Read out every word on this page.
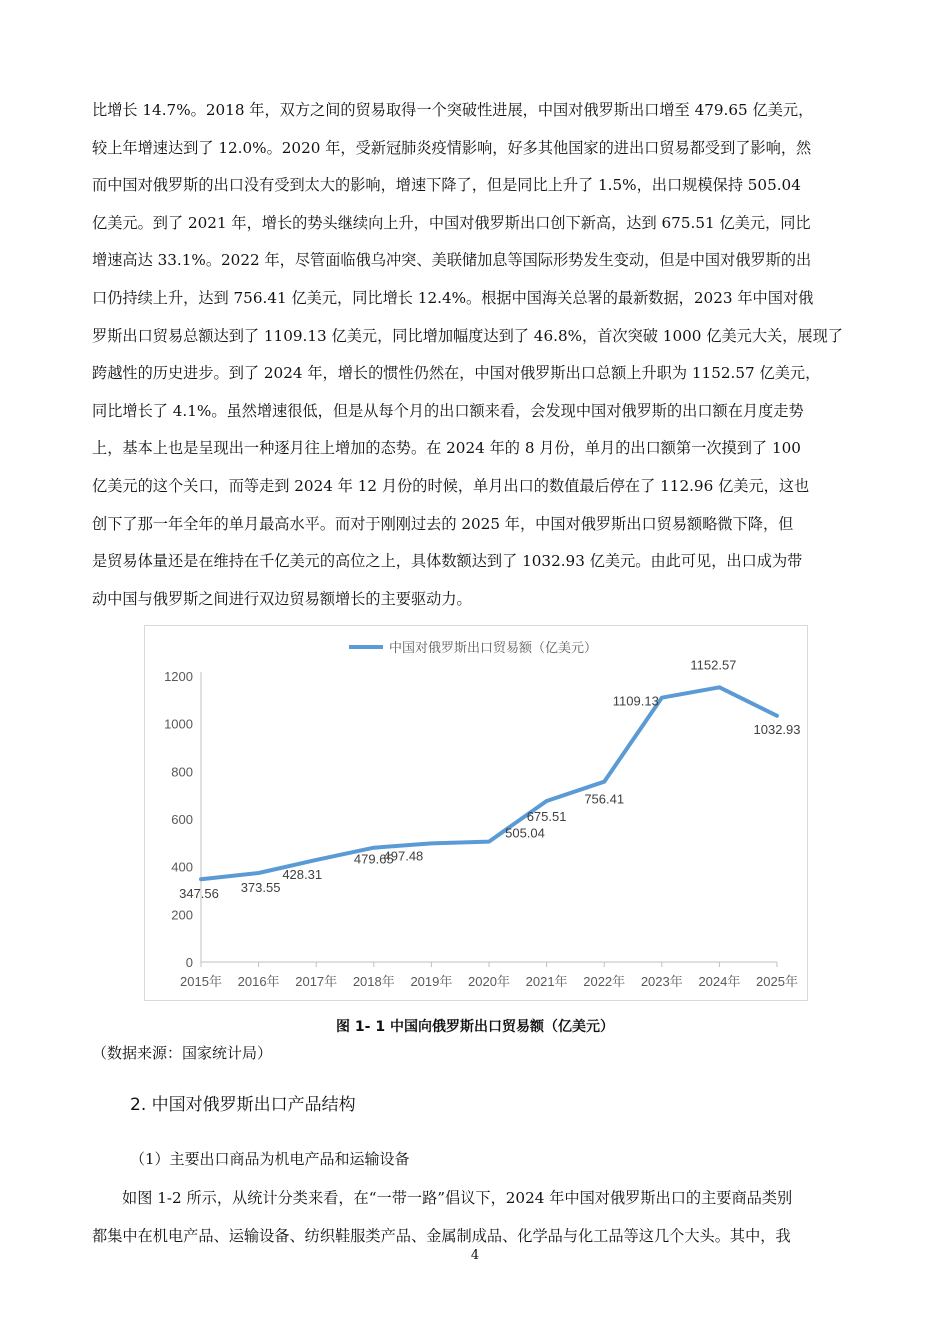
比增长 14.7%。2018 年，双方之间的贸易取得一个突破性进展，中国对俄罗斯出口增至 479.65 亿美元，
较上年增速达到了 12.0%。2020 年，受新冠肺炎疫情影响，好多其他国家的进出口贸易都受到了影响，然
而中国对俄罗斯的出口没有受到太大的影响，增速下降了，但是同比上升了 1.5%，出口规模保持 505.04
亿美元。到了 2021 年，增长的势头继续向上升，中国对俄罗斯出口创下新高，达到 675.51 亿美元，同比
增速高达 33.1%。2022 年，尽管面临俄乌冲突、美联储加息等国际形势发生变动，但是中国对俄罗斯的出
口仍持续上升，达到 756.41 亿美元，同比增长 12.4%。根据中国海关总署的最新数据，2023 年中国对俄
罗斯出口贸易总额达到了 1109.13 亿美元，同比增加幅度达到了 46.8%，首次突破 1000 亿美元大关，展现了
跨越性的历史进步。到了 2024 年，增长的惯性仍然在，中国对俄罗斯出口总额上升职为 1152.57 亿美元，
同比增长了 4.1%。虽然增速很低，但是从每个月的出口额来看，会发现中国对俄罗斯的出口额在月度走势
上，基本上也是呈现出一种逐月往上增加的态势。在 2024 年的 8 月份，单月的出口额第一次摸到了 100
亿美元的这个关口，而等走到 2024 年 12 月份的时候，单月出口的数值最后停在了 112.96 亿美元，这也
创下了那一年全年的单月最高水平。而对于刚刚过去的 2025 年，中国对俄罗斯出口贸易额略微下降，但
是贸易体量还是在维持在千亿美元的高位之上，具体数额达到了 1032.93 亿美元。由此可见，出口成为带
动中国与俄罗斯之间进行双边贸易额增长的主要驱动力。
中国对俄罗斯出口贸易额（亿美元）
0
200
400
600
800
1000
1200
2015年 2016年 2017年 2018年 2019年 2020年 2021年 2022年 2023年 2024年 2025年
347.56 373.55
428.31
479.65
497.48
505.04
675.51
756.41
1109.13
1152.57
1032.93
图 1- 1 中国向俄罗斯出口贸易额（亿美元）
（数据来源：国家统计局）
2. 中国对俄罗斯出口产品结构
（1）主要出口商品为机电产品和运输设备
如图 1-2 所示，从统计分类来看，在“一带一路”倡议下，2024 年中国对俄罗斯出口的主要商品类别
都集中在机电产品、运输设备、纺织鞋服类产品、金属制成品、化学品与化工品等这几个大头。其中，我
4
